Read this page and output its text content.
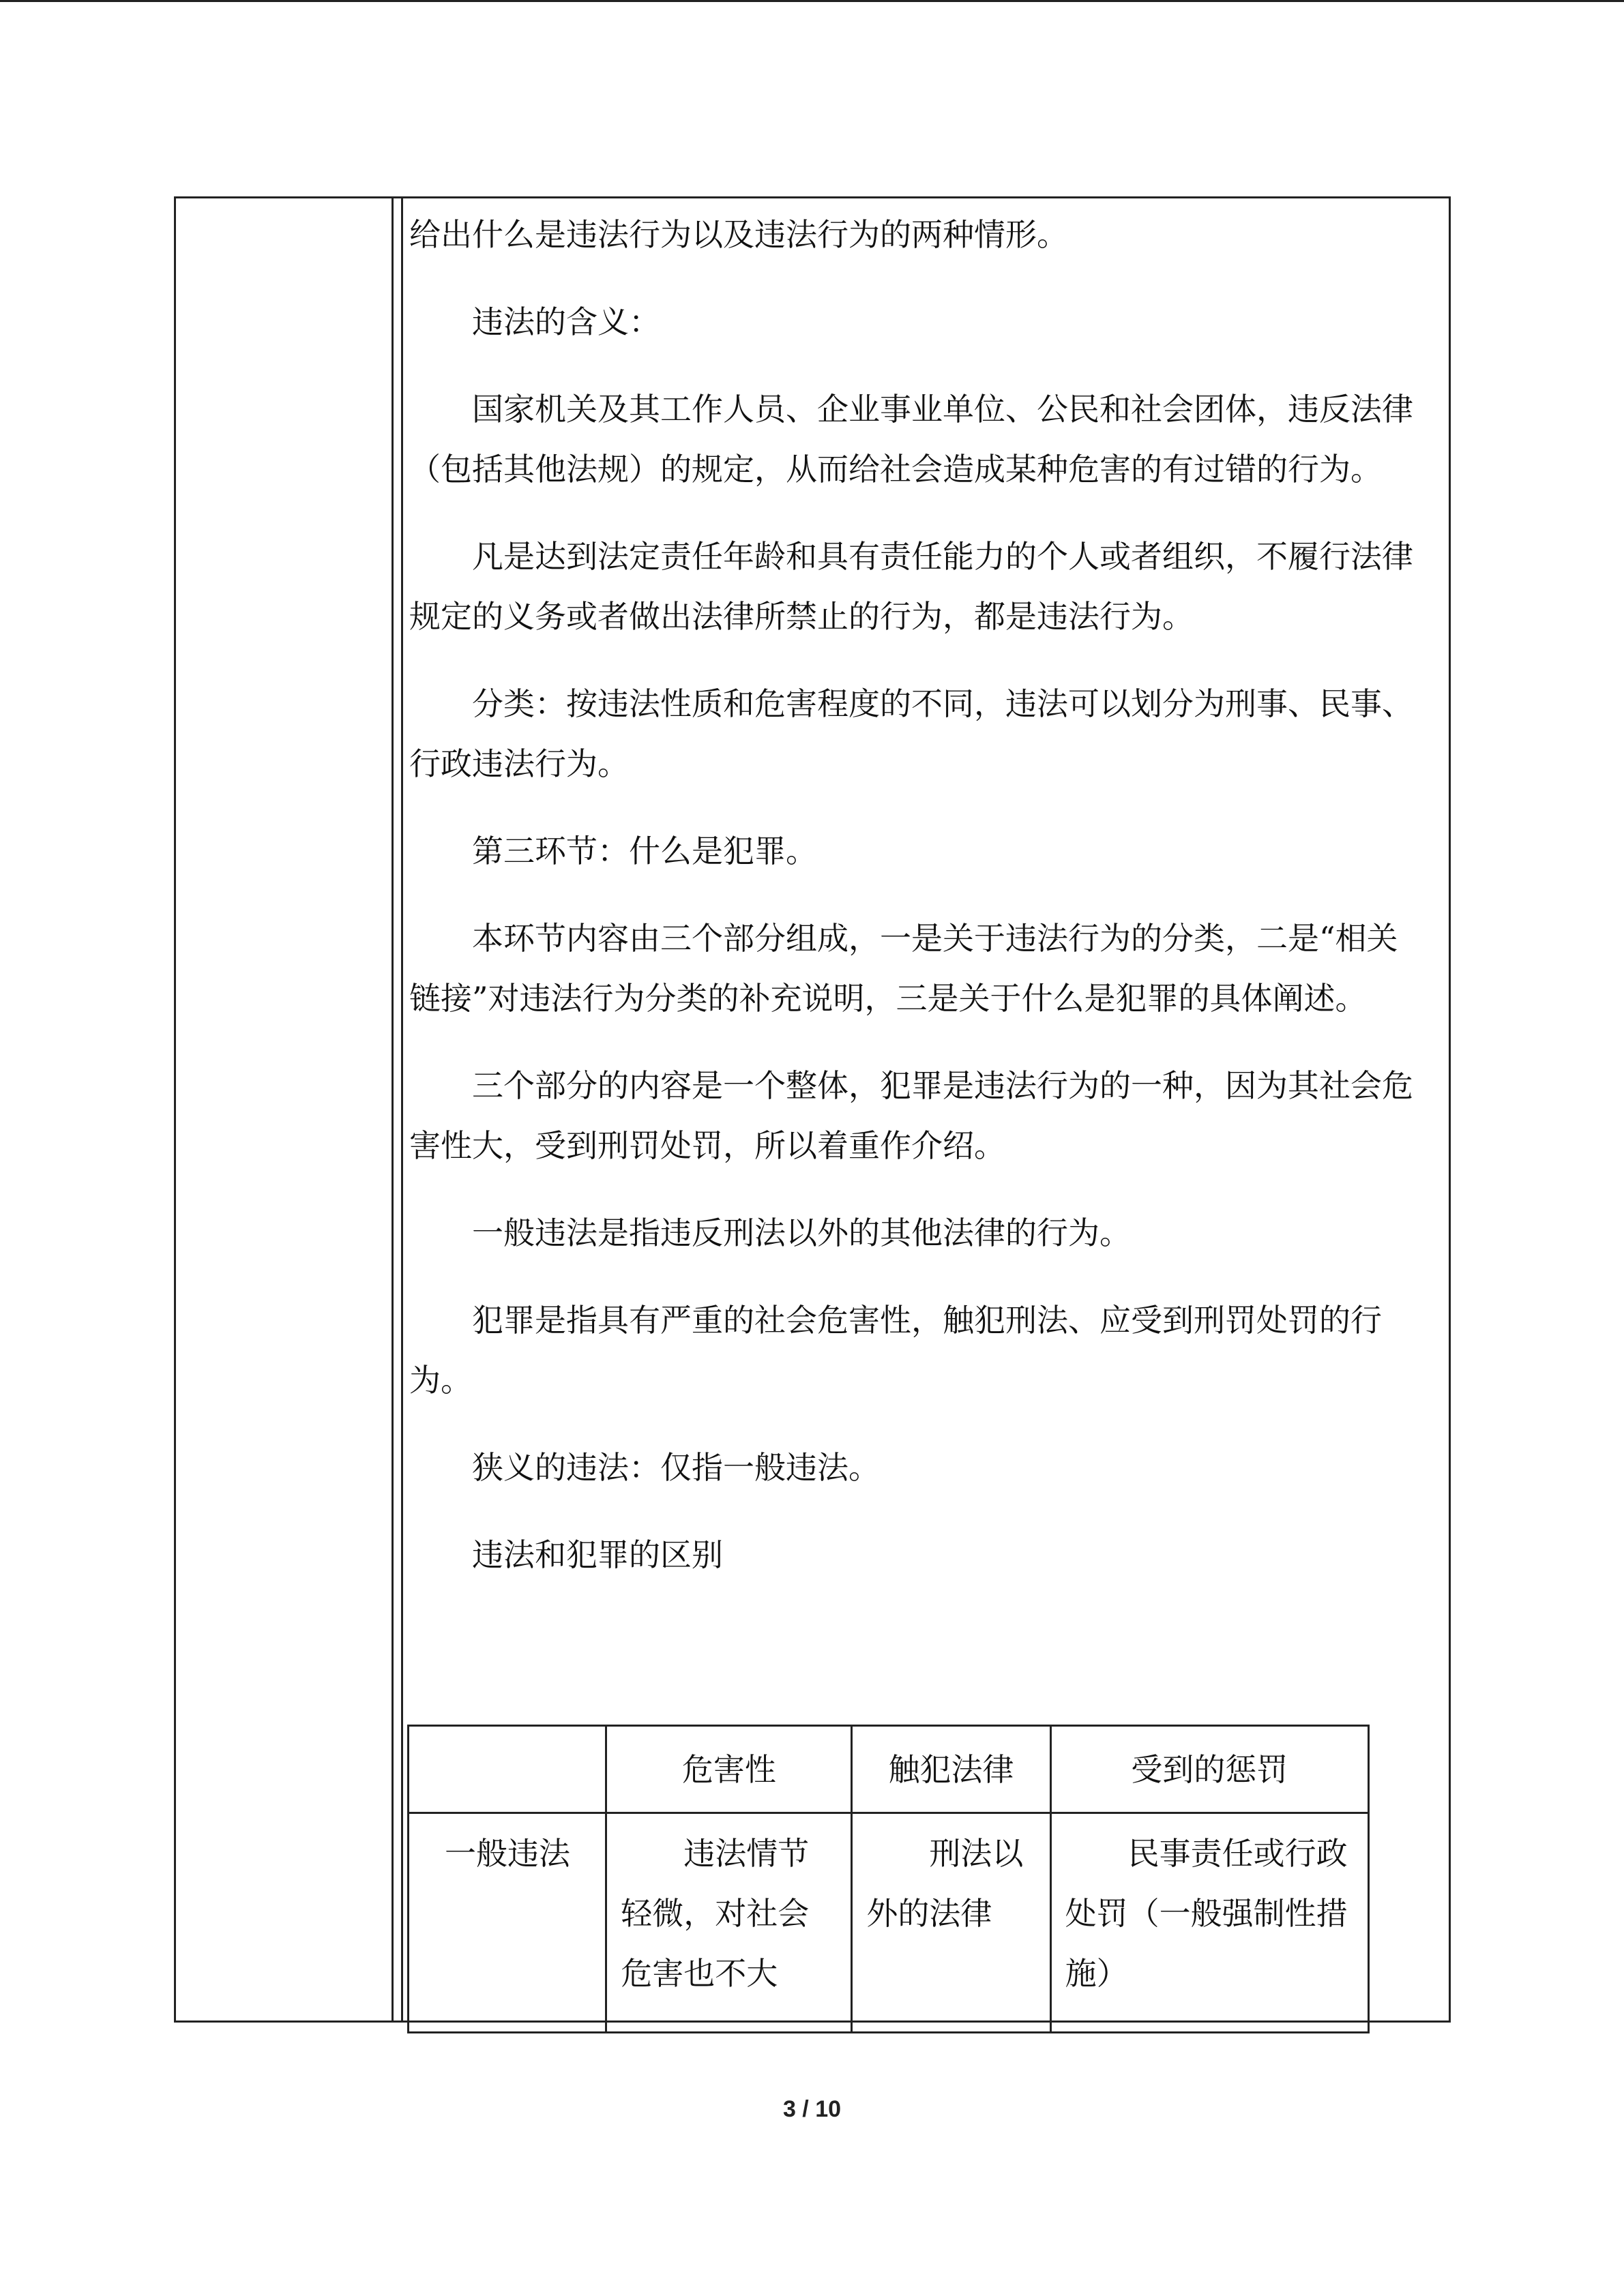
给出什么是违法行为以及违法行为的两种情形。

违法的含义：

国家机关及其工作人员、企业事业单位、公民和社会团体，违反法律（包括其他法规）的规定，从而给社会造成某种危害的有过错的行为。

凡是达到法定责任年龄和具有责任能力的个人或者组织，不履行法律规定的义务或者做出法律所禁止的行为，都是违法行为。

分类：按违法性质和危害程度的不同，违法可以划分为刑事、民事、行政违法行为。

第三环节：什么是犯罪。

本环节内容由三个部分组成，一是关于违法行为的分类，二是“相关链接”对违法行为分类的补充说明，三是关于什么是犯罪的具体阐述。

三个部分的内容是一个整体，犯罪是违法行为的一种，因为其社会危害性大，受到刑罚处罚，所以着重作介绍。

一般违法是指违反刑法以外的其他法律的行为。

犯罪是指具有严重的社会危害性，触犯刑法、应受到刑罚处罚的行为。

狭义的违法：仅指一般违法。

违法和犯罪的区别

	危害性	触犯法律	受到的惩罚
一般违法	违法情节轻微，对社会危害也不大	刑法以外的法律	民事责任或行政处罚（一般强制性措施）
3 / 10
